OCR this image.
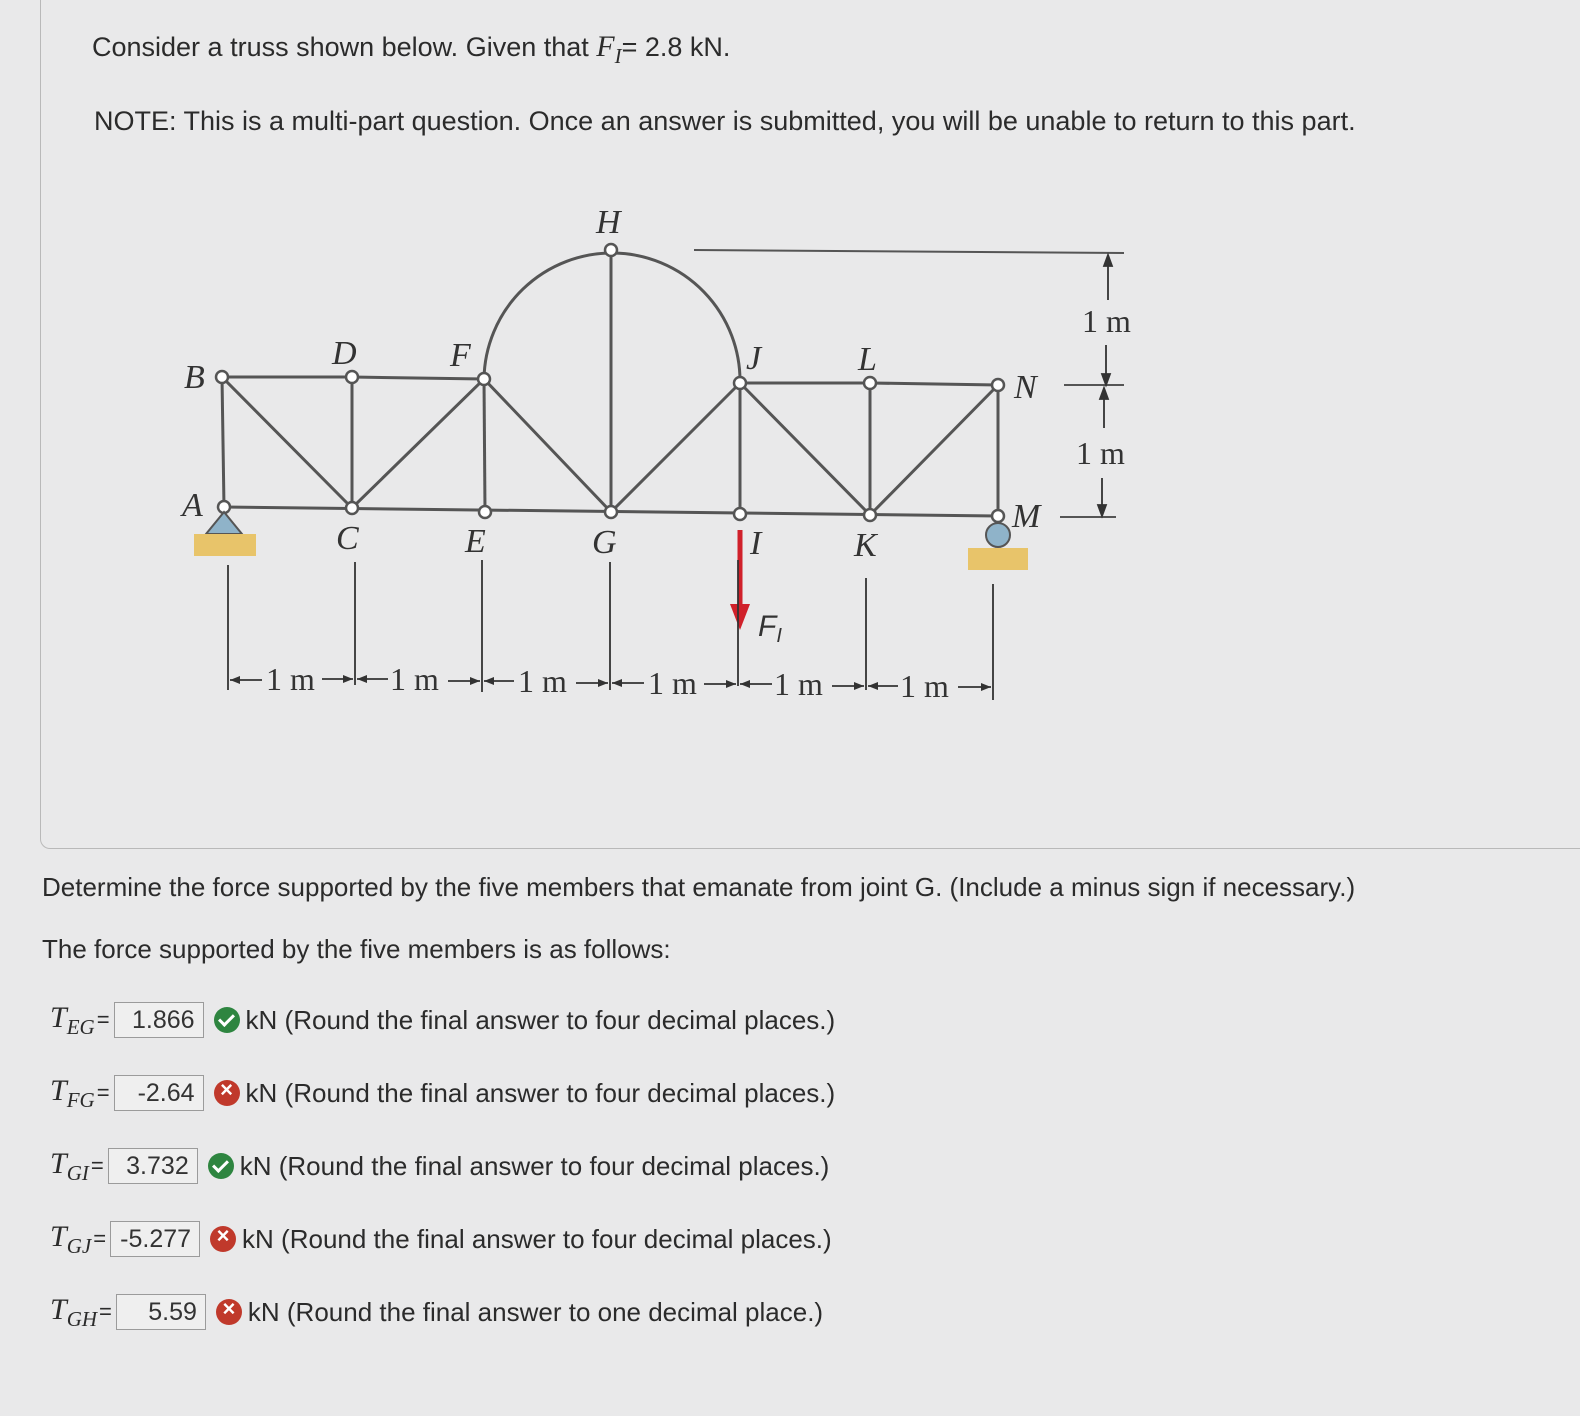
Consider a truss shown below. Given that $F_I= 2.8$ kN.
NOTE: This is a multi-part question. Once an answer is submitted, you will be unable to return to this part.
B
A
D
C
F
E
H
G
J
I
L
K
N
M
$F_I$
1 m 1 m 1 m	1 m 1 m 1 m
1 m
1 m
Determine the force supported by the five members that emanate from joint G. (Include a minus sign if necessary.)
The force supported by the five members is as follows:
$T_{EG} = 1.866$	kN (Round the final answer to four decimal places.)
$T_{FG}$ =	-2.64 ×	kN (Round the final answer to four decimal places.)
$T_{GI} = 3.732$	kN (Round the final answer to four decimal places.)
$T_{GJ} = -5.277$ ×	kN (Round the final answer to four decimal places.)
$T_{GH}$ =	5.59 ×	kN (Round the final answer to one decimal place.)
